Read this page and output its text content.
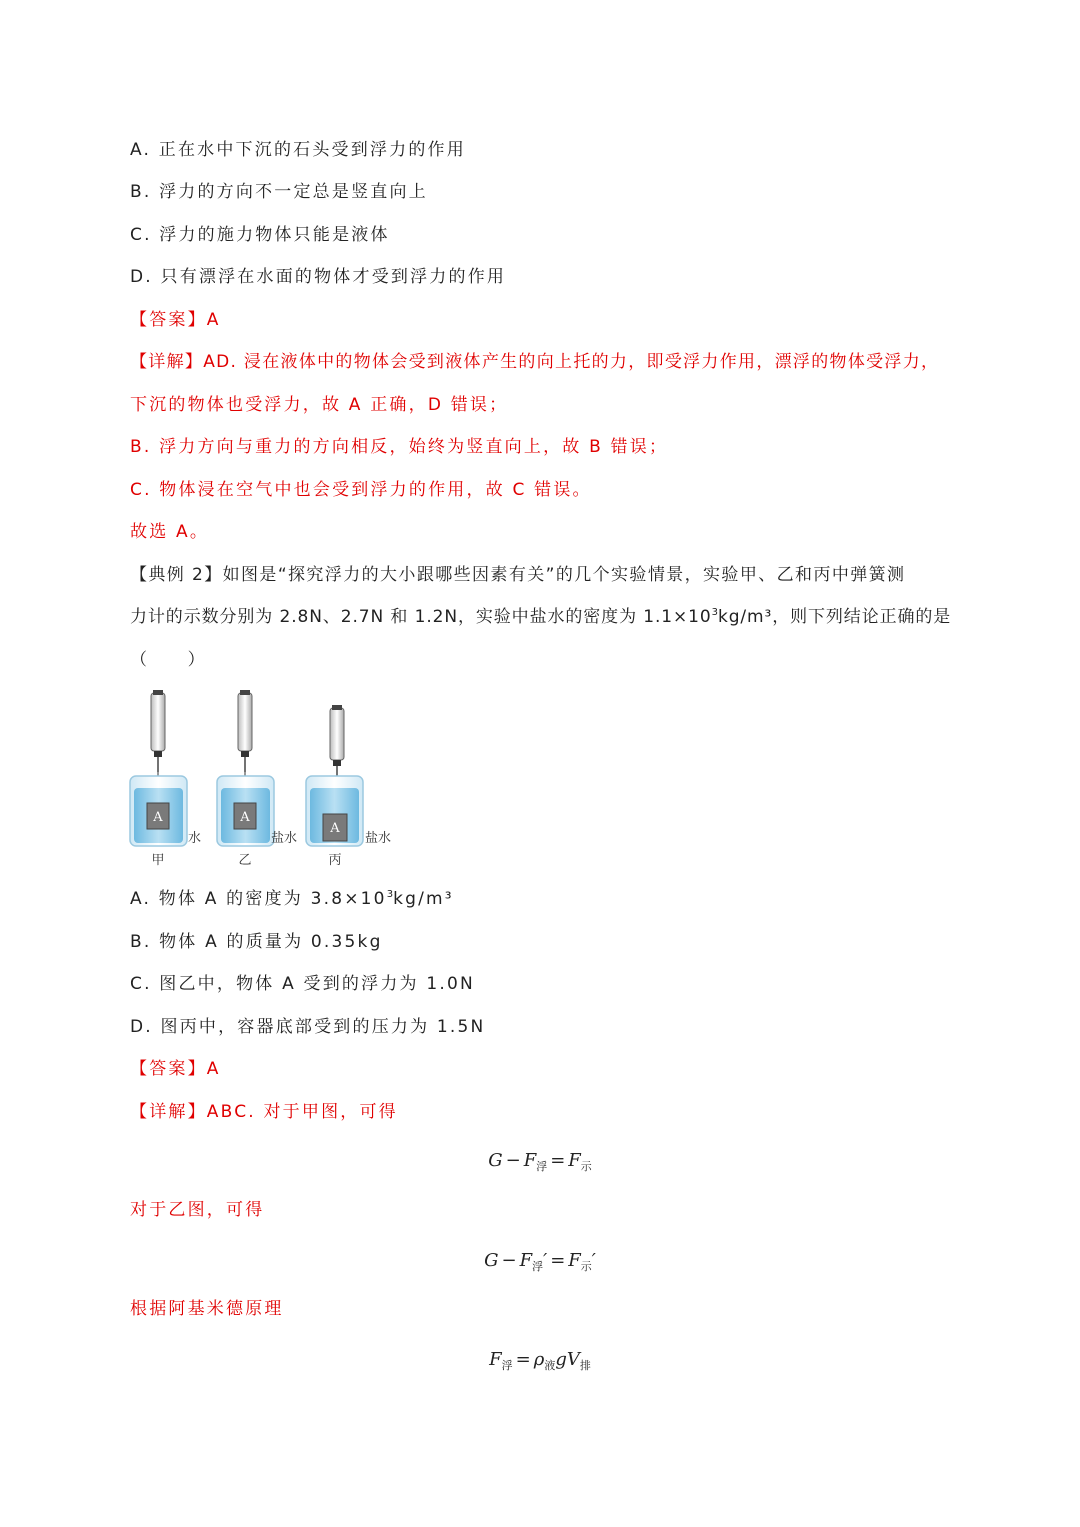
A. 正在水中下沉的石头受到浮力的作用
B. 浮力的方向不一定总是竖直向上
C. 浮力的施力物体只能是液体
D. 只有漂浮在水面的物体才受到浮力的作用
【答案】A
【详解】AD. 浸在液体中的物体会受到液体产生的向上托的力，即受浮力作用，漂浮的物体受浮力，
下沉的物体也受浮力，故 A 正确，D 错误；
B. 浮力方向与重力的方向相反，始终为竖直向上，故 B 错误；
C. 物体浸在空气中也会受到浮力的作用，故 C 错误。
故选 A。
【典例 2】如图是“探究浮力的大小跟哪些因素有关”的几个实验情景，实验甲、乙和丙中弹簧测
力计的示数分别为 2.8N、2.7N 和 1.2N，实验中盐水的密度为 $1.1\times 10^3kg/m^3$，则下列结论正确的是
（　　）
A
水
甲
A
盐水
乙
A
盐水
丙
A. 物体 A 的密度为 $3.8\times 10^3kg/m^3$
B. 物体 A 的质量为 0.35kg
C. 图乙中，物体 A 受到的浮力为 1.0N
D. 图丙中，容器底部受到的压力为 1.5N
【答案】A
【详解】ABC. 对于甲图，可得
$G - F_浮 = F_示$
对于乙图，可得
$G - F_浮' = F_示'$
根据阿基米德原理
$F_浮 = \rho_液gV_排$
